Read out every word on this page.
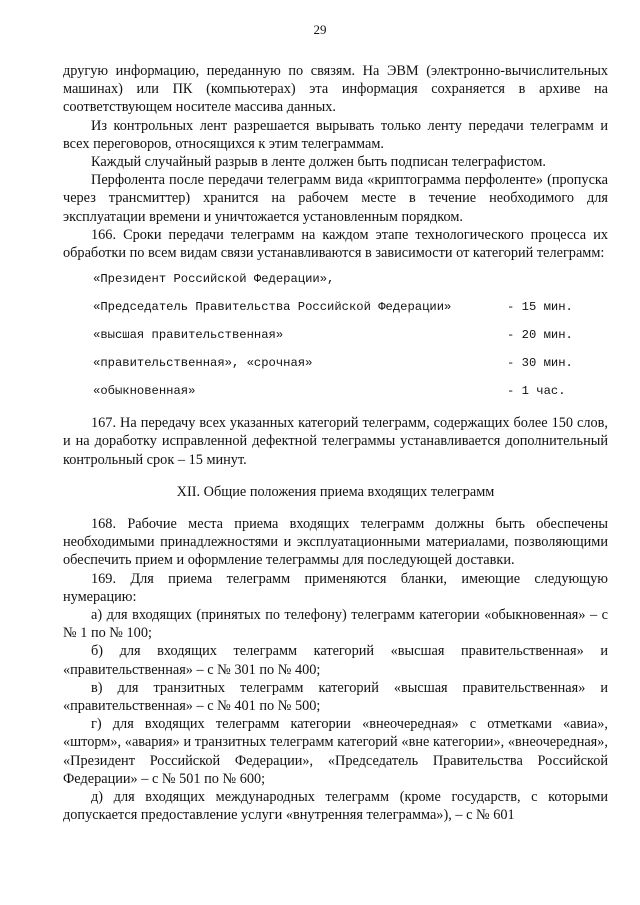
29

другую информацию, переданную по связям. На ЭВМ (электронно-вычислительных машинах) или ПК (компьютерах) эта информация сохраняется в архиве на соответствующем носителе массива данных.

Из контрольных лент разрешается вырывать только ленту передачи телеграмм и всех переговоров, относящихся к этим телеграммам.

Каждый случайный разрыв в ленте должен быть подписан телеграфистом.

Перфолента после передачи телеграмм вида «криптограмма перфоленте» (пропуска через трансмиттер) хранится на рабочем месте в течение необходимого для эксплуатации времени и уничтожается установленным порядком.

166. Сроки передачи телеграмм на каждом этапе технологического процесса их обработки по всем видам связи устанавливаются в зависимости от категорий телеграмм:

«Президент Российской Федерации»,
«Председатель Правительства Российской Федерации»	- 15 мин.
«высшая правительственная»	- 20 мин.
«правительственная», «срочная»	- 30 мин.
«обыкновенная»	- 1 час.

167. На передачу всех указанных категорий телеграмм, содержащих более 150 слов, и на доработку исправленной дефектной телеграммы устанавливается дополнительный контрольный срок – 15 минут.

XII. Общие положения приема входящих телеграмм

168. Рабочие места приема входящих телеграмм должны быть обеспечены необходимыми принадлежностями и эксплуатационными материалами, позволяющими обеспечить прием и оформление телеграммы для последующей доставки.

169. Для приема телеграмм применяются бланки, имеющие следующую нумерацию:

а) для входящих (принятых по телефону) телеграмм категории «обыкновенная» – с № 1 по № 100;

б) для входящих телеграмм категорий «высшая правительственная» и «правительственная» – с № 301 по № 400;

в) для транзитных телеграмм категорий «высшая правительственная» и «правительственная» – с № 401 по № 500;

г) для входящих телеграмм категории «внеочередная» с отметками «авиа», «шторм», «авария» и транзитных телеграмм категорий «вне категории», «внеочередная», «Президент Российской Федерации», «Председатель Правительства Российской Федерации» – с № 501 по № 600;

д) для входящих международных телеграмм (кроме государств, с которыми допускается предоставление услуги «внутренняя телеграмма»), – с № 601
